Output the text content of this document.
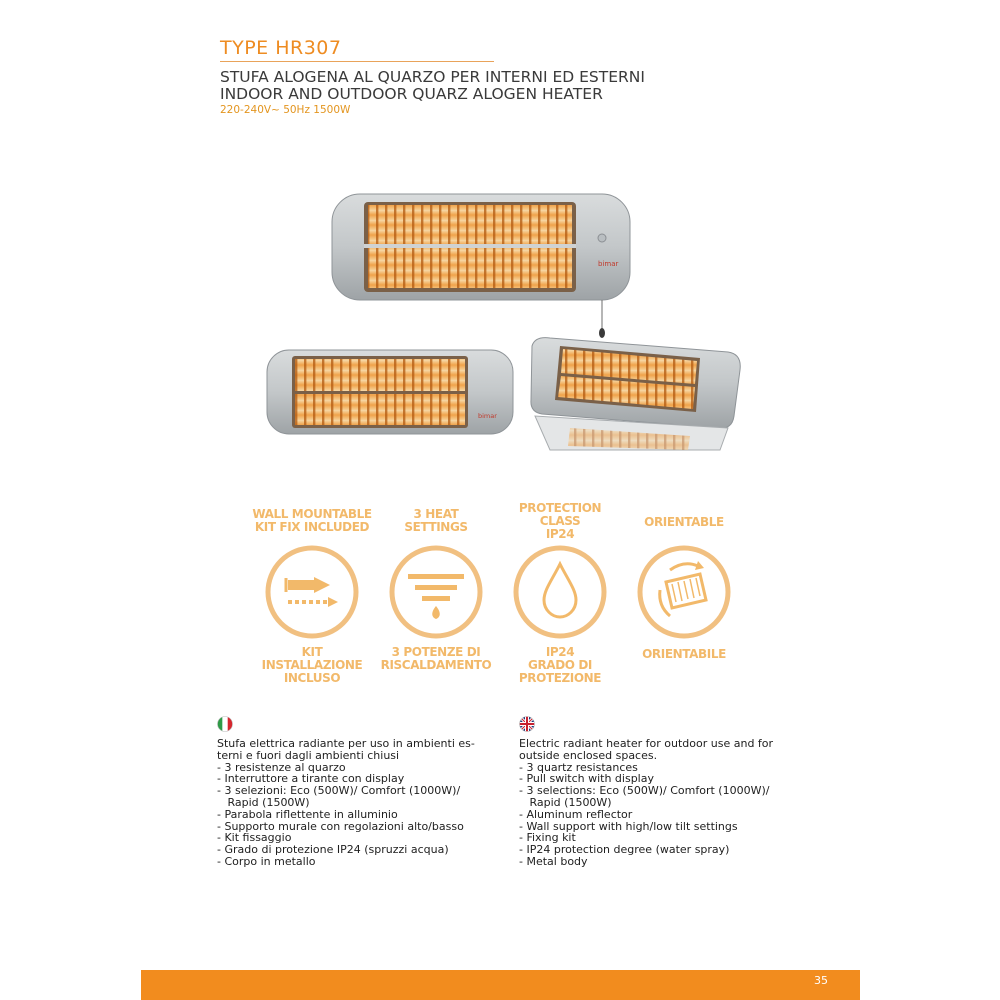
TYPE HR307
STUFA ALOGENA AL QUARZO PER INTERNI ED ESTERNI
INDOOR AND OUTDOOR QUARZ ALOGEN HEATER
220-240V~ 50Hz 1500W
bimar
bimar
WALL MOUNTABLE
KIT FIX INCLUDED
KIT INSTALLAZIONE
INCLUSO
3 HEAT
SETTINGS
3 POTENZE DI
RISCALDAMENTO
PROTECTION CLASS
IP24
IP24
GRADO DI
PROTEZIONE
ORIENTABLE
ORIENTABILE

Stufa elettrica radiante per uso in ambienti es-

terni e fuori dagli ambienti chiusi

- 3 resistenze al quarzo

- Interruttore a tirante con display

- 3 selezioni: Eco (500W)/ Comfort (1000W)/

Rapid (1500W)

- Parabola riflettente in alluminio

- Supporto murale con regolazioni alto/basso

- Kit fissaggio

- Grado di protezione IP24 (spruzzi acqua)

- Corpo in metallo

Electric radiant heater for outdoor use and for

outside enclosed spaces.

- 3 quartz resistances

- Pull switch with display

- 3 selections: Eco (500W)/ Comfort (1000W)/

Rapid (1500W)

- Aluminum reflector

- Wall support with high/low tilt settings

- Fixing kit

- IP24 protection degree (water spray)

- Metal body

35
